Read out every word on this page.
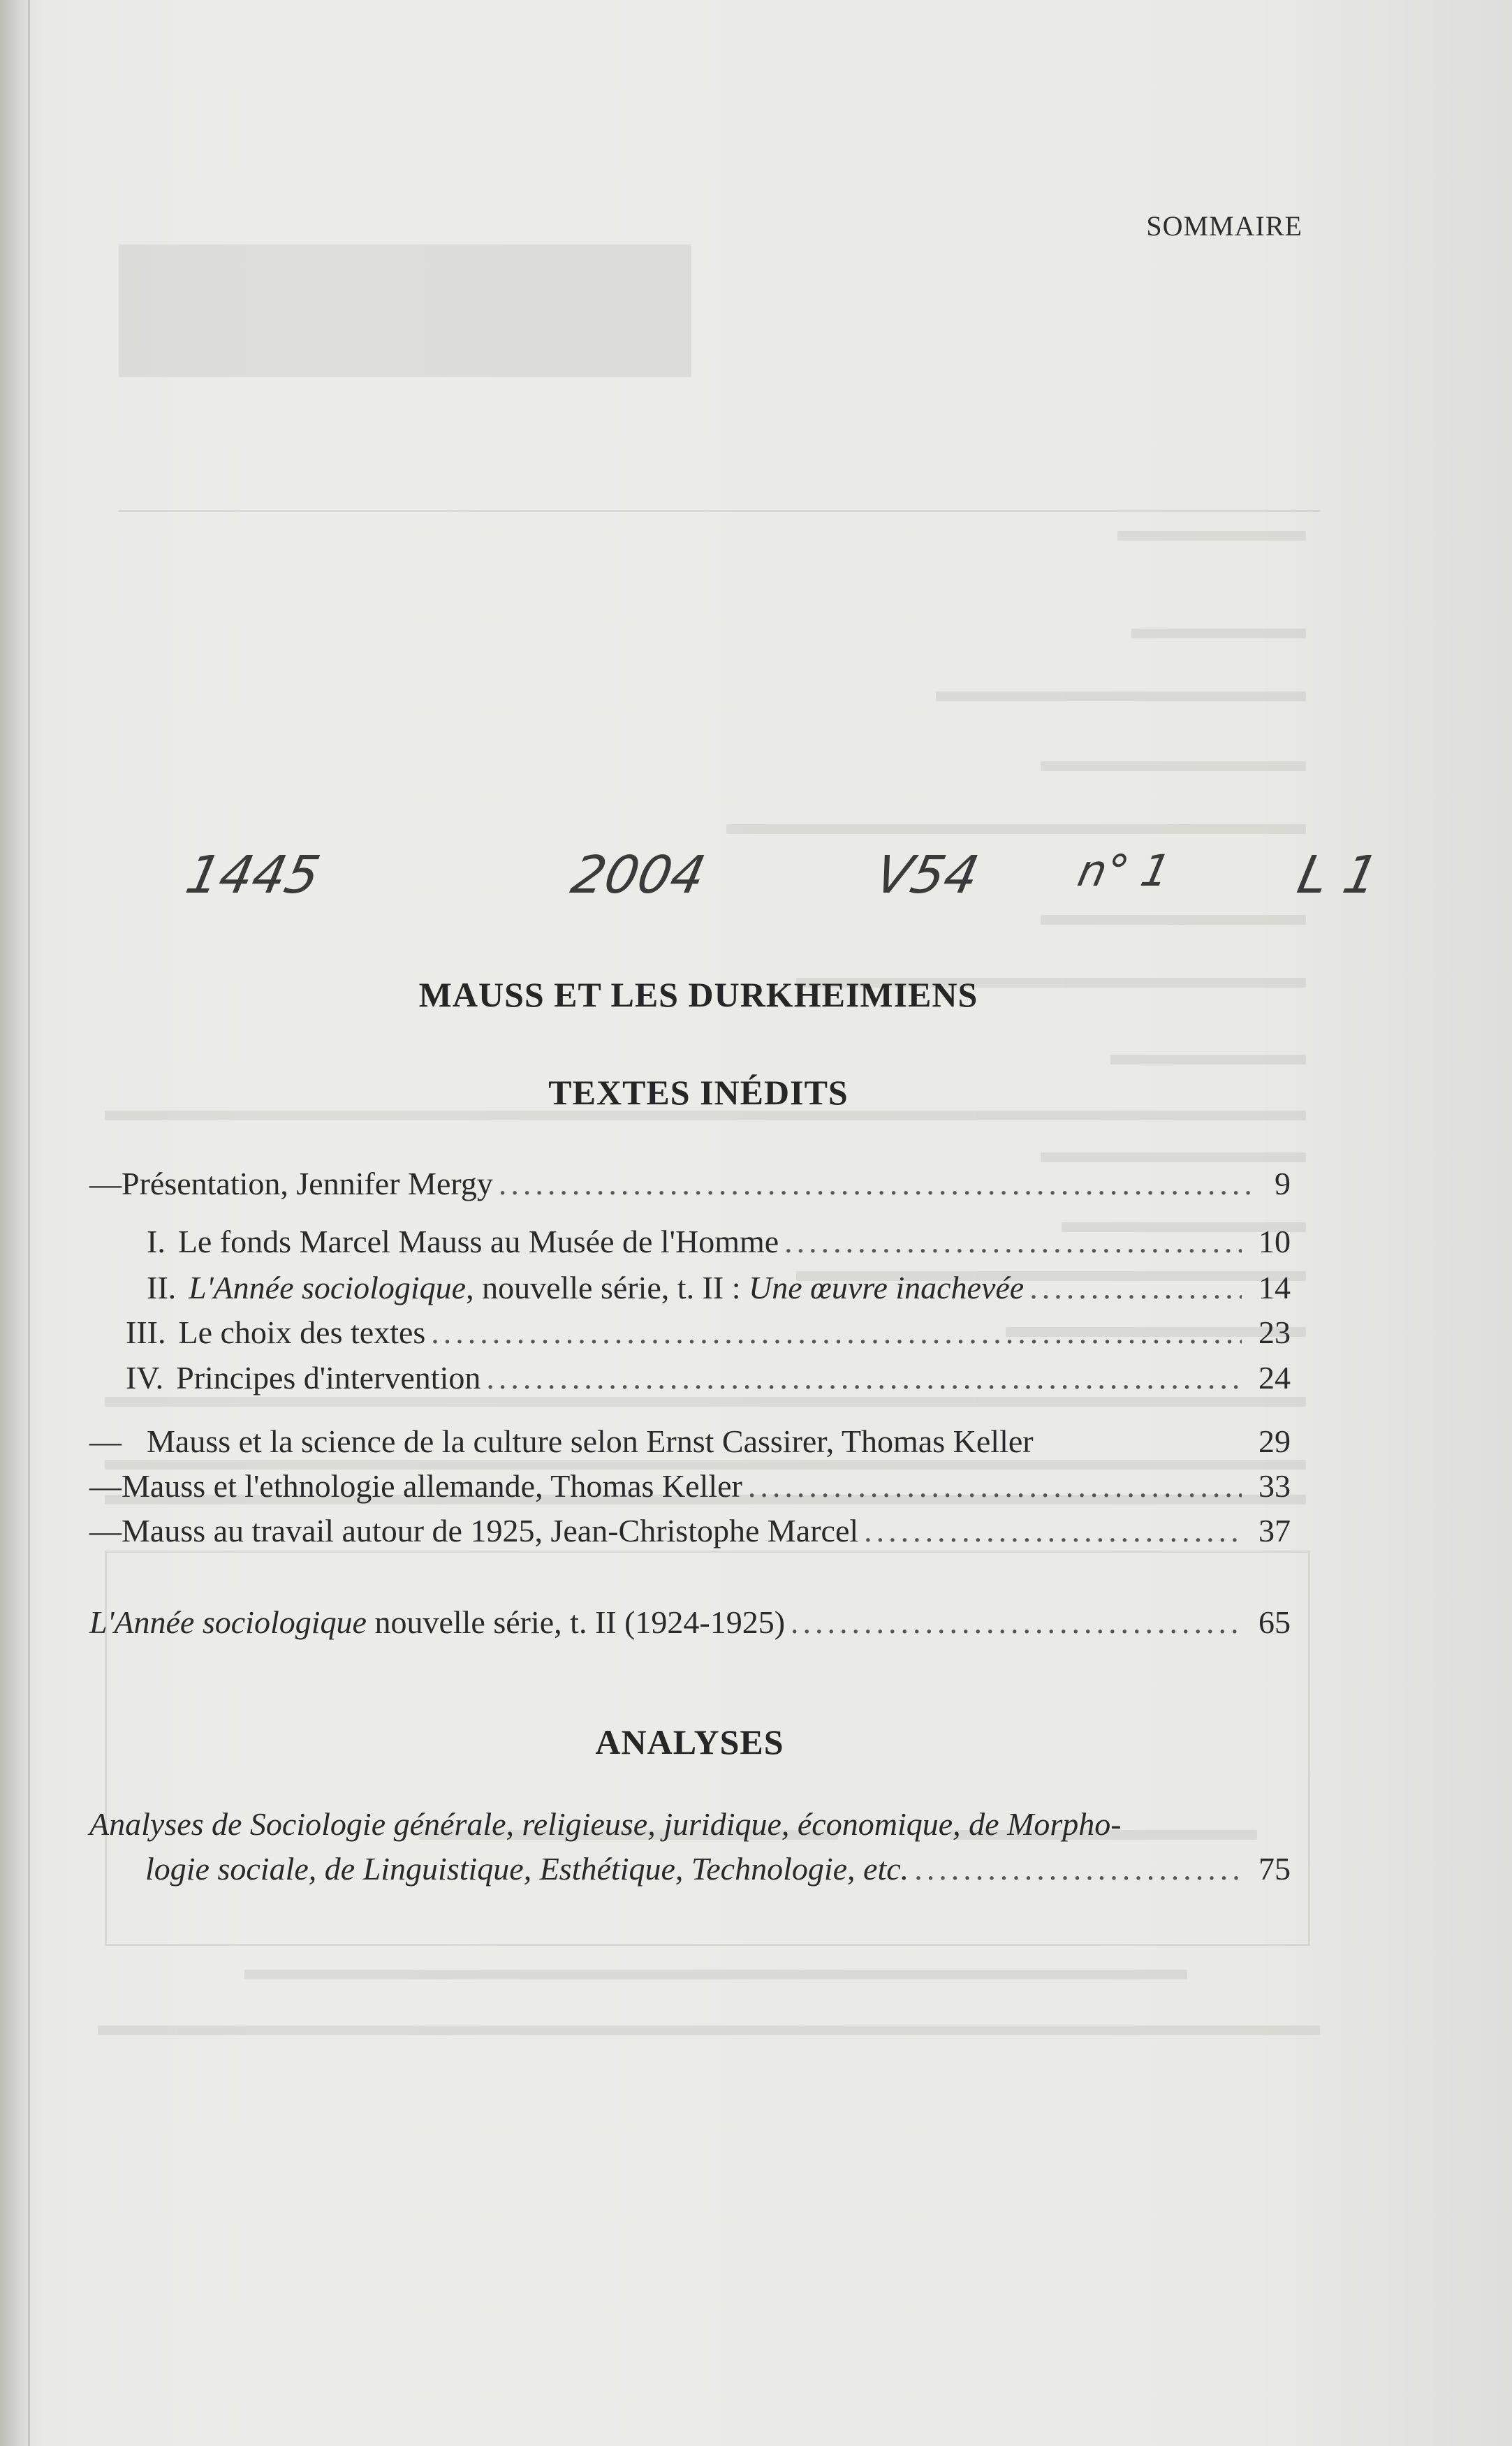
SOMMAIRE
1445	2004	V54 n° 1 L 1
MAUSS ET LES DURKHEIMIENS
TEXTES INÉDITS
— Présentation, Jennifer Mergy .....	9
I. Le fonds Marcel Mauss au Musée de l'Homme .....	10
II. L'Année sociologique , nouvelle série, t. II : Une œuvre inachevée .....	14
III. Le choix des textes .....	23
IV. Principes d'intervention .....	24
— Mauss et la science de la culture selon Ernst Cassirer, Thomas Keller	29
— Mauss et l'ethnologie allemande, Thomas Keller .....	33
— Mauss au travail autour de 1925, Jean-Christophe Marcel .....	37
L'Année sociologique nouvelle série, t. II (1924-1925) .....	65
ANALYSES
Analyses de Sociologie générale, religieuse, juridique, économique, de Morpho-
logie sociale, de Linguistique, Esthétique, Technologie, etc. .....	75
